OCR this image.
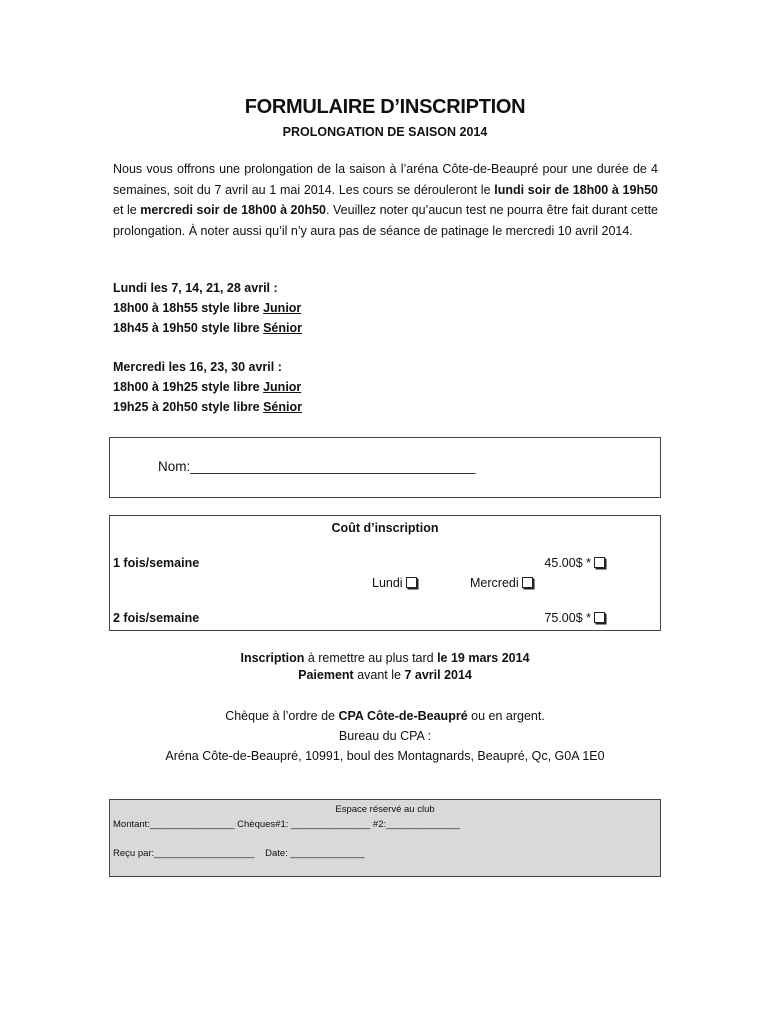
FORMULAIRE D’INSCRIPTION
PROLONGATION DE SAISON 2014
Nous vous offrons une prolongation de la saison à l’aréna Côte-de-Beaupré pour une durée de 4 semaines, soit du 7 avril au 1 mai 2014. Les cours se dérouleront le lundi soir de 18h00 à 19h50 et le mercredi soir de 18h00 à 20h50. Veuillez noter qu’aucun test ne pourra être fait durant cette prolongation. À noter aussi qu’il n’y aura pas de séance de patinage le mercredi 10 avril 2014.
Lundi les 7, 14, 21, 28 avril :
18h00 à 18h55 style libre Junior
18h45 à 19h50 style libre Sénior
Mercredi les 16, 23, 30 avril :
18h00 à 19h25 style libre Junior
19h25 à 20h50 style libre Sénior
Nom:______________________________________
Coût d’inscription
1 fois/semaine	45.00$ *
Lundi	Mercredi
2 fois/semaine	75.00$ *
Inscription à remettre au plus tard le 19 mars 2014
Paiement avant le 7 avril 2014
Chèque à l’ordre de CPA Côte-de-Beaupré ou en argent.
Bureau du CPA :
Aréna Côte-de-Beaupré, 10991, boul des Montagnards, Beaupré, Qc, G0A 1E0
Espace réservé au club
Montant:________________ Chèques#1: _______________ #2:______________
Reçu par:___________________    Date: ______________
